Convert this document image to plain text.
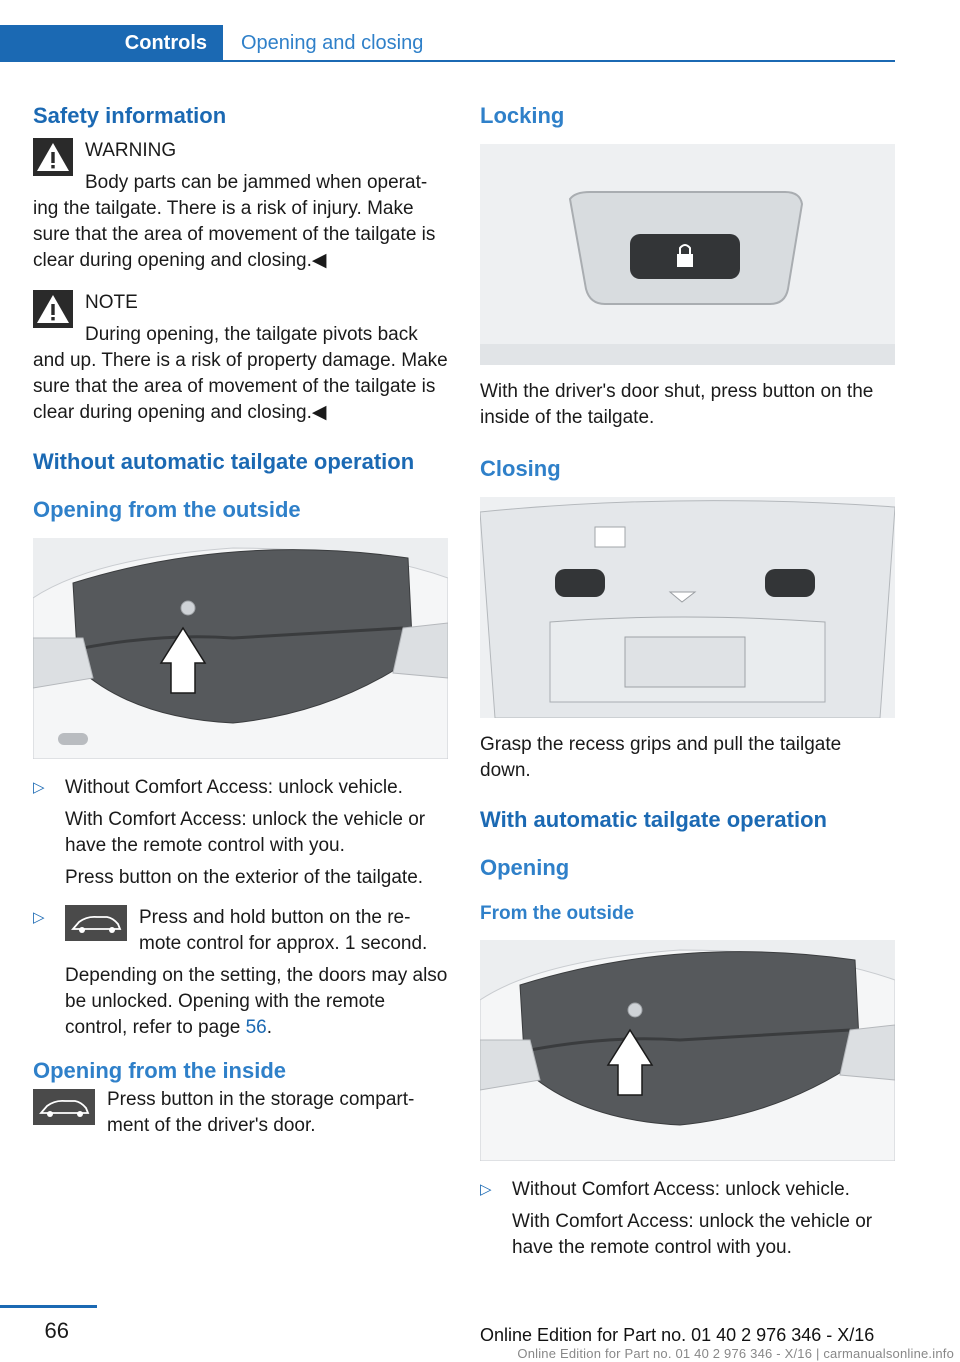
Controls	Opening and closing
Safety information
WARNING

Body parts can be jammed when operat‐

ing the tailgate. There is a risk of injury. Make sure that the area of movement of the tailgate is clear during opening and closing.◀

NOTE

During opening, the tailgate pivots back

and up. There is a risk of property damage. Make sure that the area of movement of the tailgate is clear during opening and closing.◀

Without automatic tailgate operation
Opening from the outside
▷ Without Comfort Access: unlock vehicle.

With Comfort Access: unlock the vehicle or have the remote control with you.

Press button on the exterior of the tailgate.

▷	Press and hold button on the re‐ mote control for approx. 1 second.

Depending on the setting, the doors may also be unlocked. Opening with the remote control, refer to page 56.

Opening from the inside

Press button in the storage compart‐ ment of the driver's door.

Locking

With the driver's door shut, press button on the inside of the tailgate.

Closing

Grasp the recess grips and pull the tailgate down.

With automatic tailgate operation
Opening
From the outside
▷ Without Comfort Access: unlock vehicle.

With Comfort Access: unlock the vehicle or have the remote control with you.

66	Online Edition for Part no. 01 40 2 976 346 - X/16
Online Edition for Part no. 01 40 2 976 346 - X/16 | carmanualsonline.info
